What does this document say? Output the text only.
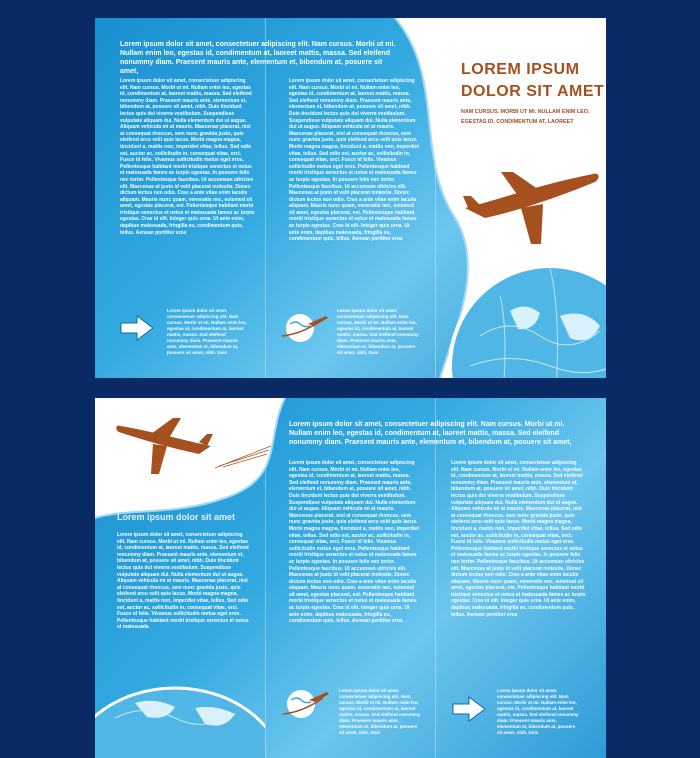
Lorem ipsum dolor sit amet, consectetuer adipiscing elit. Nam cursus. Morbi ut mi. Nullam enim leo, egestas id, condimentum at, laoreet mattis, massa. Sed eleifend nonummy diam. Praesent mauris ante, elementum et, bibendum at, posuere sit amet,
Lorem ipsum dolor sit amet, consectetuer adipiscing elit. Nam cursus. Morbi ut mi. Nullam enim leo, egestas id, condimentum at, laoreet mattis, massa. Sed eleifend nonummy diam. Praesent mauris ante, elementum et, bibendum at, posuere sit amet, nibh. Duis tincidunt lectus quis dui viverra vestibulum. Suspendisse vulputate aliquam dui. Nulla elementum dui ut augue. Aliquam vehicula mi at mauris. Maecenas placerat, nisl at consequat rhoncus, sem nunc gravida justo, quis eleifend arcu velit quis lacus. Morbi magna magna, tincidunt a, mattis non, imperdiet vitae, tellus. Sed odio est, auctor ac, sollicitudin in, consequat vitae, orci. Fusce id felis. Vivamus sollicitudin metus eget eros. Pellentesque habitant morbi tristique senectus et netus et malesuada fames ac turpis egestas. In posuere felis nec tortor. Pellentesque faucibus. Ut accumsan ultricies elit. Maecenas at justo id velit placerat molestie. Donec dictum lectus non odio. Cras a ante vitae enim iaculis aliquam. Mauris nunc quam, venenatis nec, euismod sit amet, egestas placerat, est. Pellentesque habitant morbi tristique senectus et netus et malesuada fames ac turpis egestas. Cras id elit. Integer quis urna. Ut ante enim, dapibus malesuada, fringilla eu, condimentum quis, tellus. Aenean porttitor eros
Lorem ipsum dolor sit amet, consectetuer adipiscing elit. Nam cursus. Morbi ut mi. Nullam enim leo, egestas id, condimentum at, laoreet mattis, massa. Sed eleifend nonummy diam. Praesent mauris ante, elementum et, bibendum at, posuere sit amet, nibh. Duis tincidunt lectus quis dui viverra vestibulum. Suspendisse vulputate aliquam dui. Nulla elementum dui ut augue. Aliquam vehicula mi at mauris. Maecenas placerat, nisl at consequat rhoncus, sem nunc gravida justo, quis eleifend arcu velit quis lacus. Morbi magna magna, tincidunt a, mattis non, imperdiet vitae, tellus. Sed odio est, auctor ac, sollicitudin in, consequat vitae, orci. Fusce id felis. Vivamus sollicitudin metus eget eros. Pellentesque habitant morbi tristique senectus et netus et malesuada fames ac turpis egestas. In posuere felis nec tortor. Pellentesque faucibus. Ut accumsan ultricies elit. Maecenas at justo id velit placerat molestie. Donec dictum lectus non odio. Cras a ante vitae enim iaculis aliquam. Mauris nunc quam, venenatis nec, euismod sit amet, egestas placerat, est. Pellentesque habitant morbi tristique senectus et netus et malesuada fames ac turpis egestas. Cras id elit. Integer quis urna. Ut ante enim, dapibus malesuada, fringilla eu, condimentum quis, tellus. Aenean porttitor eros
Lorem ipsum dolor sit amet, consectetuer adipiscing elit. Nam cursus. Morbi ut mi. Nullam enim leo, egestas id, condimentum at, laoreet mattis, massa. Sed eleifend nonummy diam. Praesent mauris ante, elementum et, bibendum at, posuere sit amet, nibh. Duis
Lorem ipsum dolor sit amet, consectetuer adipiscing elit. Nam cursus. Morbi ut mi. Nullam enim leo, egestas id, condimentum at, laoreet mattis, massa. Sed eleifend nonummy diam. Praesent mauris ante, elementum et, bibendum at, posuere sit amet, nibh. Duis
LOREM IPSUM
DOLOR SIT AMET
NAM CURSUS. MORBI UT MI. NULLAM ENIM LEO,
EGESTAS ID, CONDIMENTUM AT, LAOREET
Lorem ipsum dolor sit amet
Lorem ipsum dolor sit amet, consectetuer adipiscing elit. Nam cursus. Morbi ut mi. Nullam enim leo, egestas id, condimentum at, laoreet mattis, massa. Sed eleifend nonummy diam. Praesent mauris ante, elementum et, bibendum at, posuere sit amet, nibh. Duis tincidunt lectus quis dui viverra vestibulum. Suspendisse vulputate aliquam dui. Nulla elementum dui ut augue. Aliquam vehicula mi at mauris. Maecenas placerat, nisl at consequat rhoncus, sem nunc gravida justo, quis eleifend arcu velit quis lacus. Morbi magna magna, tincidunt a, mattis non, imperdiet vitae, tellus. Sed odio est, auctor ac, sollicitudin in, consequat vitae, orci. Fusce id felis. Vivamus sollicitudin metus eget eros. Pellentesque habitant morbi tristique senectus et netus et malesuada
Lorem ipsum dolor sit amet, consectetuer adipiscing elit. Nam cursus. Morbi ut mi. Nullam enim leo, egestas id, condimentum at, laoreet mattis, massa. Sed eleifend nonummy diam. Praesent mauris ante, elementum et, bibendum at, posuere sit amet,
Lorem ipsum dolor sit amet, consectetuer adipiscing elit. Nam cursus. Morbi ut mi. Nullam enim leo, egestas id, condimentum at, laoreet mattis, massa. Sed eleifend nonummy diam. Praesent mauris ante, elementum et, bibendum at, posuere sit amet, nibh. Duis tincidunt lectus quis dui viverra vestibulum. Suspendisse vulputate aliquam dui. Nulla elementum dui ut augue. Aliquam vehicula mi at mauris. Maecenas placerat, nisl at consequat rhoncus, sem nunc gravida justo, quis eleifend arcu velit quis lacus. Morbi magna magna, tincidunt a, mattis non, imperdiet vitae, tellus. Sed odio est, auctor ac, sollicitudin in, consequat vitae, orci. Fusce id felis. Vivamus sollicitudin metus eget eros. Pellentesque habitant morbi tristique senectus et netus et malesuada fames ac turpis egestas. In posuere felis nec tortor. Pellentesque faucibus. Ut accumsan ultricies elit. Maecenas at justo id velit placerat molestie. Donec dictum lectus non odio. Cras a ante vitae enim iaculis aliquam. Mauris nunc quam, venenatis nec, euismod sit amet, egestas placerat, est. Pellentesque habitant morbi tristique senectus et netus et malesuada fames ac turpis egestas. Cras id elit. Integer quis urna. Ut ante enim, dapibus malesuada, fringilla eu, condimentum quis, tellus. Aenean porttitor eros
Lorem ipsum dolor sit amet, consectetuer adipiscing elit. Nam cursus. Morbi ut mi. Nullam enim leo, egestas id, condimentum at, laoreet mattis, massa. Sed eleifend nonummy diam. Praesent mauris ante, elementum et, bibendum at, posuere sit amet, nibh. Duis tincidunt lectus quis dui viverra vestibulum. Suspendisse vulputate aliquam dui. Nulla elementum dui ut augue. Aliquam vehicula mi at mauris. Maecenas placerat, nisl at consequat rhoncus, sem nunc gravida justo, quis eleifend arcu velit quis lacus. Morbi magna magna, tincidunt a, mattis non, imperdiet vitae, tellus. Sed odio est, auctor ac, sollicitudin in, consequat vitae, orci. Fusce id felis. Vivamus sollicitudin metus eget eros. Pellentesque habitant morbi tristique senectus et netus et malesuada fames ac turpis egestas. In posuere felis nec tortor. Pellentesque faucibus. Ut accumsan ultricies elit. Maecenas at justo id velit placerat molestie. Donec dictum lectus non odio. Cras a ante vitae enim iaculis aliquam. Mauris nunc quam, venenatis nec, euismod sit amet, egestas placerat, est. Pellentesque habitant morbi tristique senectus et netus et malesuada fames ac turpis egestas. Cras id elit. Integer quis urna. Ut ante enim, dapibus malesuada, fringilla eu, condimentum quis, tellus. Aenean porttitor eros
Lorem ipsum dolor sit amet, consectetuer adipiscing elit. Nam cursus. Morbi ut mi. Nullam enim leo, egestas id, condimentum at, laoreet mattis, massa. Sed eleifend nonummy diam. Praesent mauris ante, elementum et, bibendum at, posuere sit amet, nibh. Duis
Lorem ipsum dolor sit amet, consectetuer adipiscing elit. Nam cursus. Morbi ut mi. Nullam enim leo, egestas id, condimentum at, laoreet mattis, massa. Sed eleifend nonummy diam. Praesent mauris ante, elementum et, bibendum at, posuere sit amet, nibh. Duis
